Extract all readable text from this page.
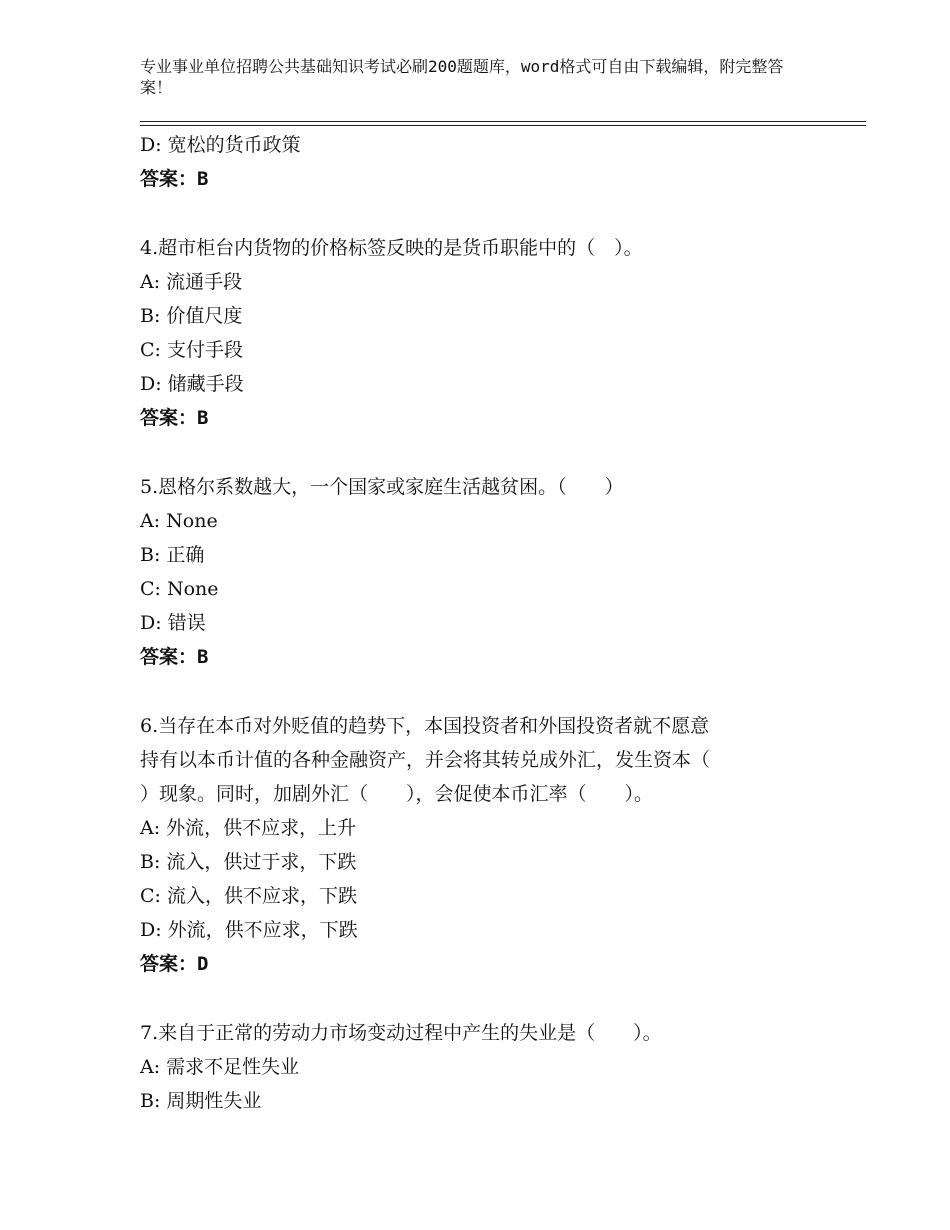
专业事业单位招聘公共基础知识考试必刷200题题库，word格式可自由下载编辑，附完整答案！
D: 宽松的货币政策
答案：B
4.超市柜台内货物的价格标签反映的是货币职能中的（　）。
A: 流通手段
B: 价值尺度
C: 支付手段
D: 储藏手段
答案：B
5.恩格尔系数越大，一个国家或家庭生活越贫困。（　　）
A: None
B: 正确
C: None
D: 错误
答案：B
6.当存在本币对外贬值的趋势下，本国投资者和外国投资者就不愿意
持有以本币计值的各种金融资产，并会将其转兑成外汇，发生资本（
）现象。同时，加剧外汇（　　），会促使本币汇率（　　）。
A: 外流，供不应求，上升
B: 流入，供过于求，下跌
C: 流入，供不应求，下跌
D: 外流，供不应求，下跌
答案：D
7.来自于正常的劳动力市场变动过程中产生的失业是（　　）。
A: 需求不足性失业
B: 周期性失业
